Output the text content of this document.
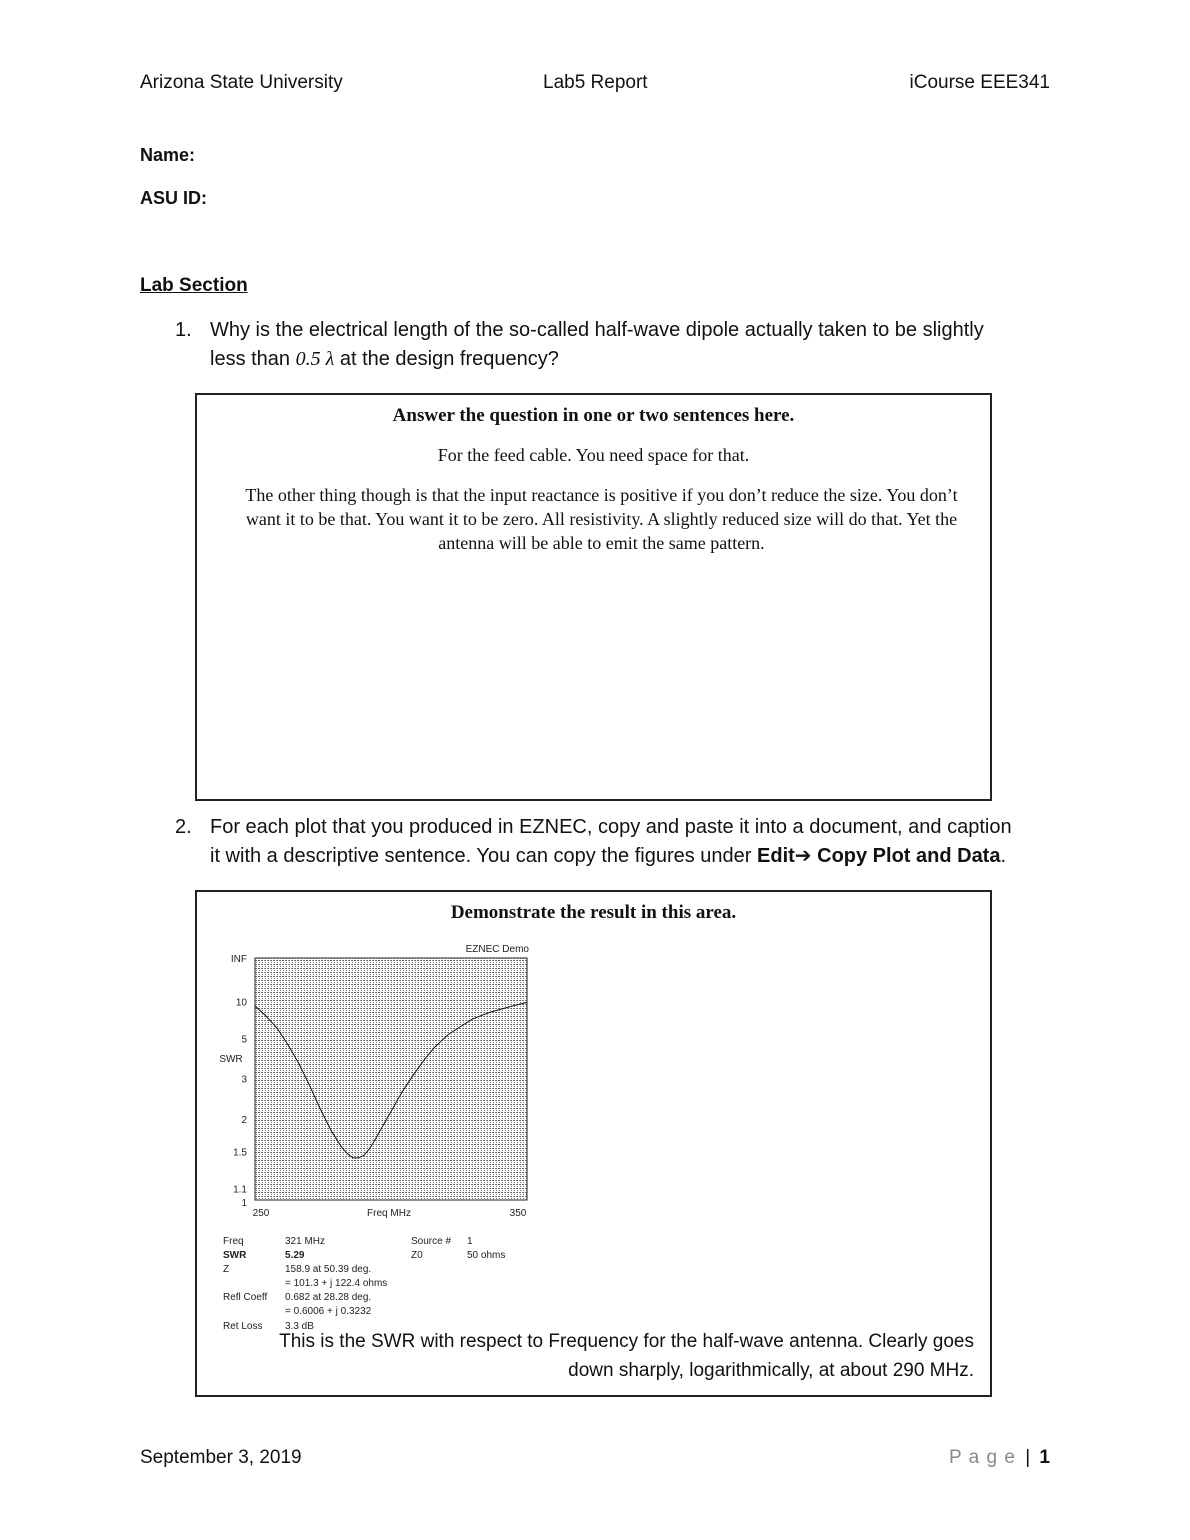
Arizona State University	Lab5 Report	iCourse EEE341
Name:
ASU ID:
Lab Section
1. Why is the electrical length of the so-called half-wave dipole actually taken to be slightly
less than 0.5 λ at the design frequency?
Answer the question in one or two sentences here.
For the feed cable. You need space for that.
The other thing though is that the input reactance is positive if you don’t reduce the size. You don’t want it to be that. You want it to be zero. All resistivity. A slightly reduced size will do that. Yet the antenna will be able to emit the same pattern.
2. For each plot that you produced in EZNEC, copy and paste it into a document, and caption
it with a descriptive sentence. You can copy the figures under Edit➔ Copy Plot and Data.
Demonstrate the result in this area.
EZNEC Demo
INF
10
5
3
2
1.5
1.1
1
SWR
250	350
Freq MHz
Freq	321 MHz	Source # 1
SWR	5.29	Z0	50 ohms
Z	158.9 at 50.39 deg.
= 101.3 + j 122.4 ohms
Refl Coeff 0.682 at 28.28 deg.
= 0.6006 + j 0.3232
Ret Loss 3.3 dB
This is the SWR with respect to Frequency for the half-wave antenna. Clearly goes down sharply, logarithmically, at about 290 MHz.
September 3, 2019	P a g e | 1
